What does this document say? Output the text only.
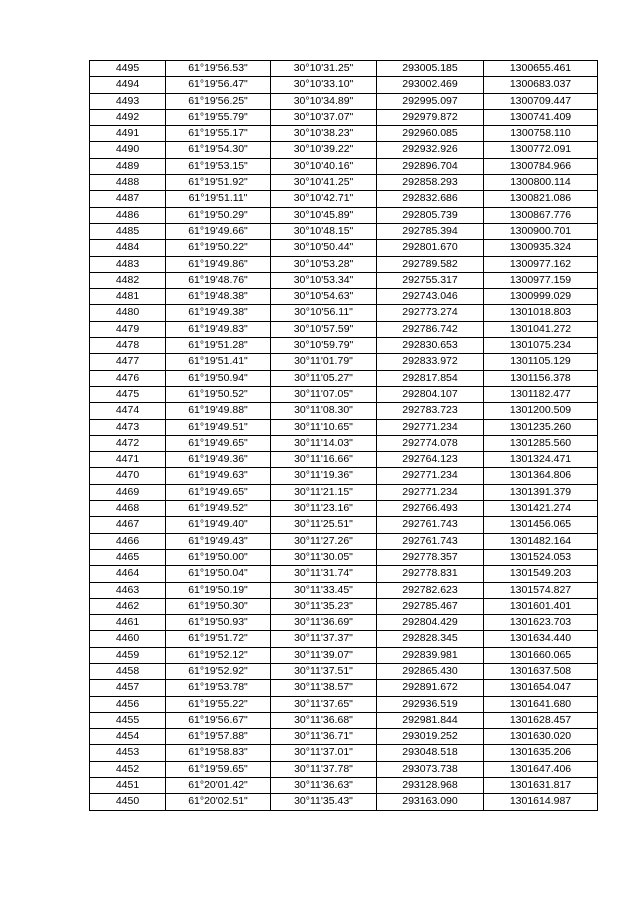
4495	61°19'56.53"	30°10'31.25"	293005.185	1300655.461
4494	61°19'56.47"	30°10'33.10"	293002.469	1300683.037
4493	61°19'56.25"	30°10'34.89"	292995.097	1300709.447
4492	61°19'55.79"	30°10'37.07"	292979.872	1300741.409
4491	61°19'55.17"	30°10'38.23"	292960.085	1300758.110
4490	61°19'54.30"	30°10'39.22"	292932.926	1300772.091
4489	61°19'53.15"	30°10'40.16"	292896.704	1300784.966
4488	61°19'51.92"	30°10'41.25"	292858.293	1300800.114
4487	61°19'51.11"	30°10'42.71"	292832.686	1300821.086
4486	61°19'50.29"	30°10'45.89"	292805.739	1300867.776
4485	61°19'49.66"	30°10'48.15"	292785.394	1300900.701
4484	61°19'50.22"	30°10'50.44"	292801.670	1300935.324
4483	61°19'49.86"	30°10'53.28"	292789.582	1300977.162
4482	61°19'48.76"	30°10'53.34"	292755.317	1300977.159
4481	61°19'48.38"	30°10'54.63"	292743.046	1300999.029
4480	61°19'49.38"	30°10'56.11"	292773.274	1301018.803
4479	61°19'49.83"	30°10'57.59"	292786.742	1301041.272
4478	61°19'51.28"	30°10'59.79"	292830.653	1301075.234
4477	61°19'51.41"	30°11'01.79"	292833.972	1301105.129
4476	61°19'50.94"	30°11'05.27"	292817.854	1301156.378
4475	61°19'50.52"	30°11'07.05"	292804.107	1301182.477
4474	61°19'49.88"	30°11'08.30"	292783.723	1301200.509
4473	61°19'49.51"	30°11'10.65"	292771.234	1301235.260
4472	61°19'49.65"	30°11'14.03"	292774.078	1301285.560
4471	61°19'49.36"	30°11'16.66"	292764.123	1301324.471
4470	61°19'49.63"	30°11'19.36"	292771.234	1301364.806
4469	61°19'49.65"	30°11'21.15"	292771.234	1301391.379
4468	61°19'49.52"	30°11'23.16"	292766.493	1301421.274
4467	61°19'49.40"	30°11'25.51"	292761.743	1301456.065
4466	61°19'49.43"	30°11'27.26"	292761.743	1301482.164
4465	61°19'50.00"	30°11'30.05"	292778.357	1301524.053
4464	61°19'50.04"	30°11'31.74"	292778.831	1301549.203
4463	61°19'50.19"	30°11'33.45"	292782.623	1301574.827
4462	61°19'50.30"	30°11'35.23"	292785.467	1301601.401
4461	61°19'50.93"	30°11'36.69"	292804.429	1301623.703
4460	61°19'51.72"	30°11'37.37"	292828.345	1301634.440
4459	61°19'52.12"	30°11'39.07"	292839.981	1301660.065
4458	61°19'52.92"	30°11'37.51"	292865.430	1301637.508
4457	61°19'53.78"	30°11'38.57"	292891.672	1301654.047
4456	61°19'55.22"	30°11'37.65"	292936.519	1301641.680
4455	61°19'56.67"	30°11'36.68"	292981.844	1301628.457
4454	61°19'57.88"	30°11'36.71"	293019.252	1301630.020
4453	61°19'58.83"	30°11'37.01"	293048.518	1301635.206
4452	61°19'59.65"	30°11'37.78"	293073.738	1301647.406
4451	61°20'01.42"	30°11'36.63"	293128.968	1301631.817
4450	61°20'02.51"	30°11'35.43"	293163.090	1301614.987
